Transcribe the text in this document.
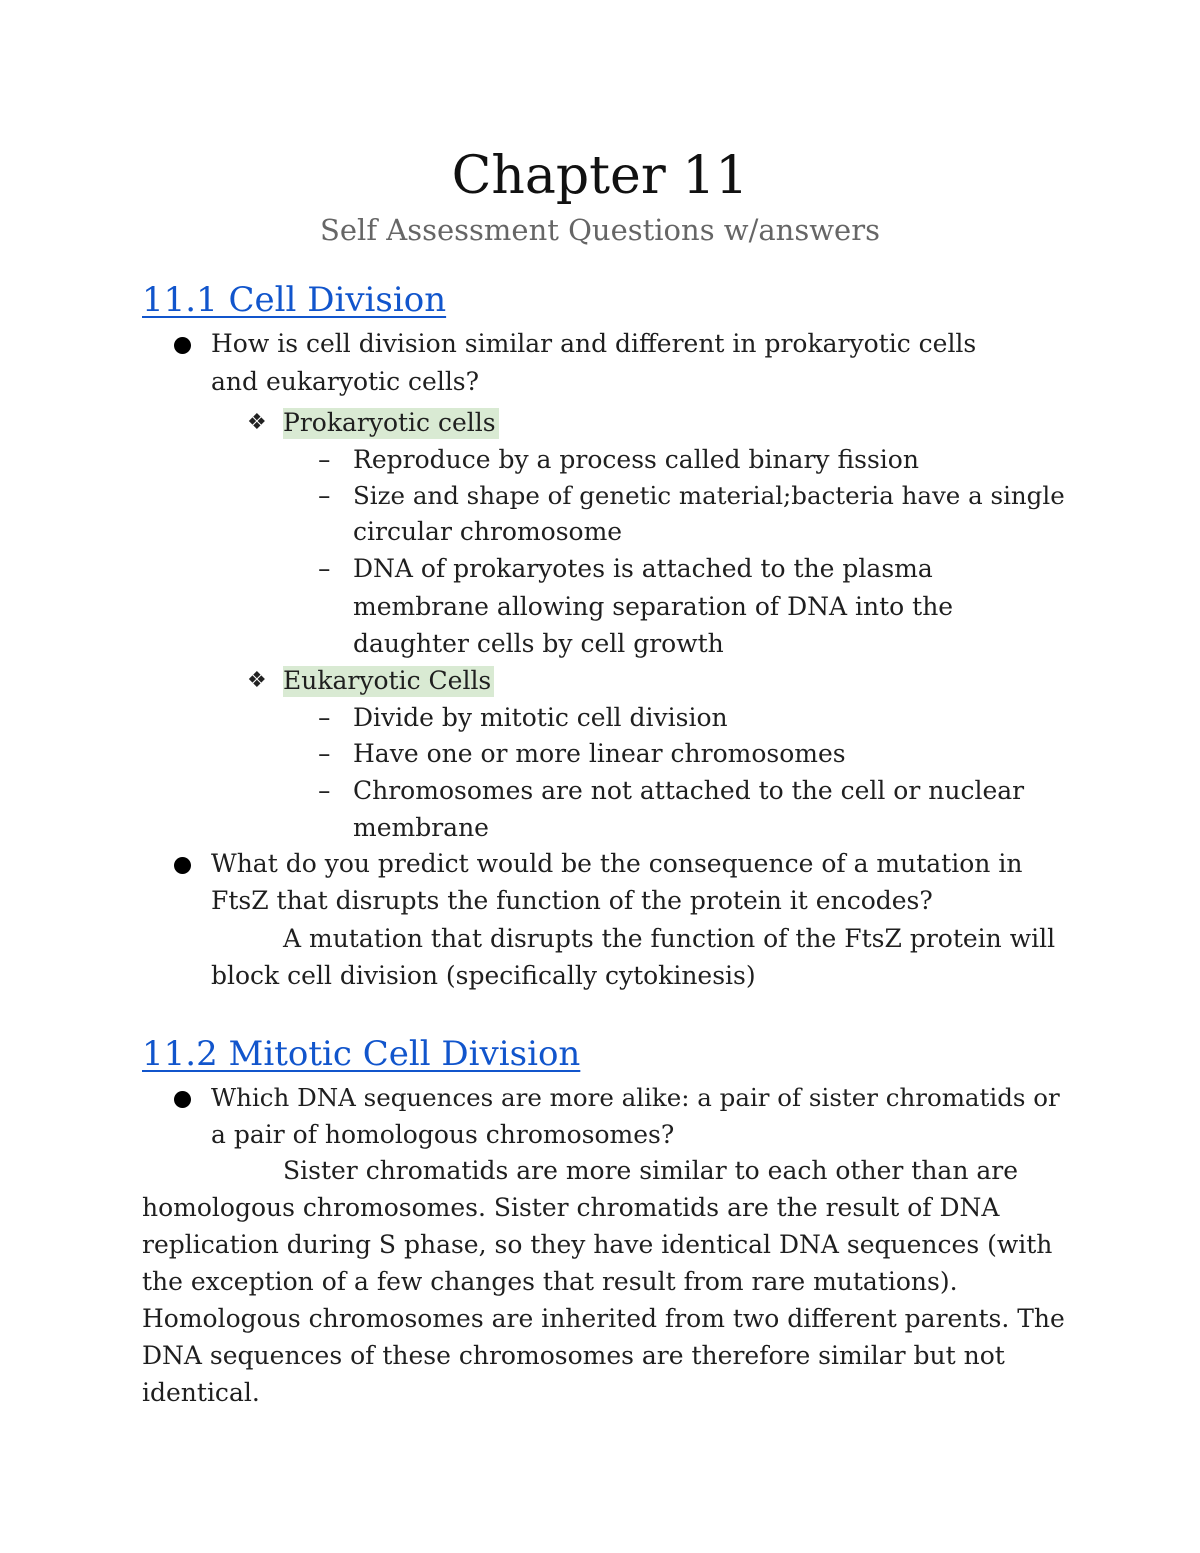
Chapter 11
Self Assessment Questions w/answers
11.1 Cell Division
How is cell division similar and different in prokaryotic cells
and eukaryotic cells?
❖ Prokaryotic cells
– Reproduce by a process called binary fission
– Size and shape of genetic material;bacteria have a single
circular chromosome
– DNA of prokaryotes is attached to the plasma
membrane allowing separation of DNA into the
daughter cells by cell growth
❖ Eukaryotic Cells
– Divide by mitotic cell division
– Have one or more linear chromosomes
– Chromosomes are not attached to the cell or nuclear
membrane
What do you predict would be the consequence of a mutation in
FtsZ that disrupts the function of the protein it encodes?
A mutation that disrupts the function of the FtsZ protein will
block cell division (specifically cytokinesis)
11.2 Mitotic Cell Division
Which DNA sequences are more alike: a pair of sister chromatids or
a pair of homologous chromosomes?
Sister chromatids are more similar to each other than are
homologous chromosomes. Sister chromatids are the result of DNA
replication during S phase, so they have identical DNA sequences (with
the exception of a few changes that result from rare mutations).
Homologous chromosomes are inherited from two different parents. The
DNA sequences of these chromosomes are therefore similar but not
identical.
